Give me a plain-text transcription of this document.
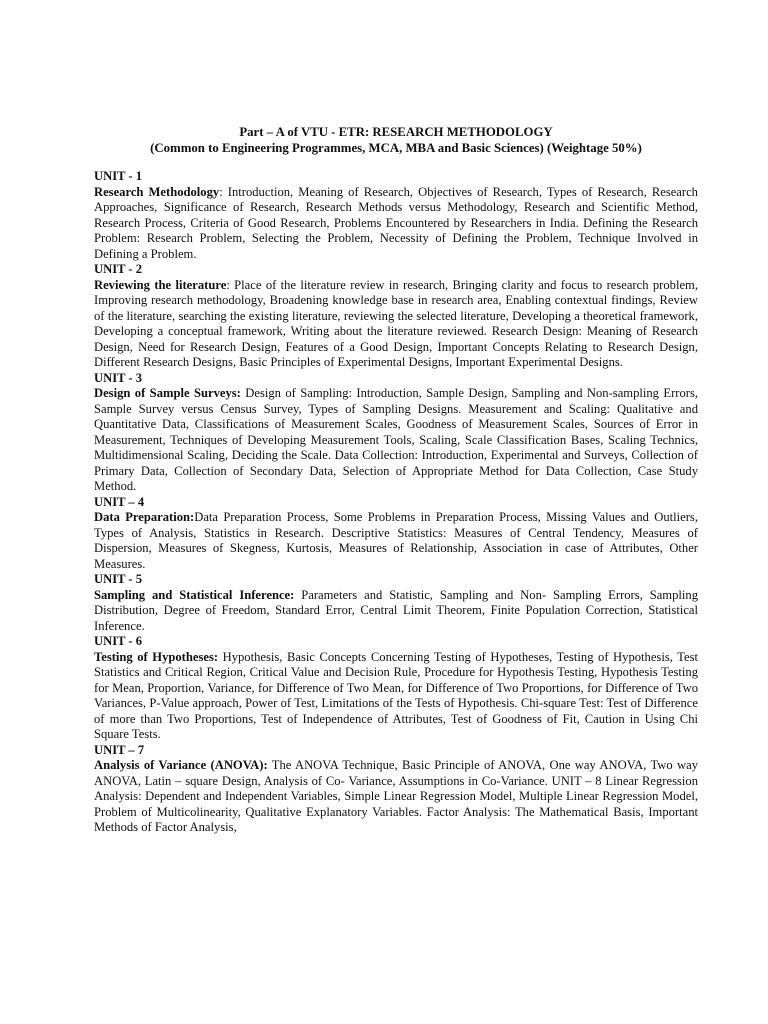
Part – A of VTU - ETR: RESEARCH METHODOLOGY

(Common to Engineering Programmes, MCA, MBA and Basic Sciences) (Weightage 50%)

UNIT - 1

Research Methodology: Introduction, Meaning of Research, Objectives of Research, Types of Research, Research Approaches, Significance of Research, Research Methods versus Methodology, Research and Scientific Method, Research Process, Criteria of Good Research, Problems Encountered by Researchers in India. Defining the Research Problem: Research Problem, Selecting the Problem, Necessity of Defining the Problem, Technique Involved in Defining a Problem.

UNIT - 2

Reviewing the literature: Place of the literature review in research, Bringing clarity and focus to research problem, Improving research methodology, Broadening knowledge base in research area, Enabling contextual findings, Review of the literature, searching the existing literature, reviewing the selected literature, Developing a theoretical framework, Developing a conceptual framework, Writing about the literature reviewed. Research Design: Meaning of Research Design, Need for Research Design, Features of a Good Design, Important Concepts Relating to Research Design, Different Research Designs, Basic Principles of Experimental Designs, Important Experimental Designs.

UNIT - 3

Design of Sample Surveys: Design of Sampling: Introduction, Sample Design, Sampling and Non-sampling Errors, Sample Survey versus Census Survey, Types of Sampling Designs. Measurement and Scaling: Qualitative and Quantitative Data, Classifications of Measurement Scales, Goodness of Measurement Scales, Sources of Error in Measurement, Techniques of Developing Measurement Tools, Scaling, Scale Classification Bases, Scaling Technics, Multidimensional Scaling, Deciding the Scale. Data Collection: Introduction, Experimental and Surveys, Collection of Primary Data, Collection of Secondary Data, Selection of Appropriate Method for Data Collection, Case Study Method.

UNIT – 4

Data Preparation:Data Preparation Process, Some Problems in Preparation Process, Missing Values and Outliers, Types of Analysis, Statistics in Research. Descriptive Statistics: Measures of Central Tendency, Measures of Dispersion, Measures of Skegness, Kurtosis, Measures of Relationship, Association in case of Attributes, Other Measures.

UNIT - 5

Sampling and Statistical Inference: Parameters and Statistic, Sampling and Non- Sampling Errors, Sampling Distribution, Degree of Freedom, Standard Error, Central Limit Theorem, Finite Population Correction, Statistical Inference.

UNIT - 6

Testing of Hypotheses: Hypothesis, Basic Concepts Concerning Testing of Hypotheses, Testing of Hypothesis, Test Statistics and Critical Region, Critical Value and Decision Rule, Procedure for Hypothesis Testing, Hypothesis Testing for Mean, Proportion, Variance, for Difference of Two Mean, for Difference of Two Proportions, for Difference of Two Variances, P-Value approach, Power of Test, Limitations of the Tests of Hypothesis. Chi-square Test: Test of Difference of more than Two Proportions, Test of Independence of Attributes, Test of Goodness of Fit, Caution in Using Chi Square Tests.

UNIT – 7

Analysis of Variance (ANOVA): The ANOVA Technique, Basic Principle of ANOVA, One way ANOVA, Two way ANOVA, Latin – square Design, Analysis of Co- Variance, Assumptions in Co-Variance. UNIT – 8 Linear Regression Analysis: Dependent and Independent Variables, Simple Linear Regression Model, Multiple Linear Regression Model, Problem of Multicolinearity, Qualitative Explanatory Variables. Factor Analysis: The Mathematical Basis, Important Methods of Factor Analysis,
